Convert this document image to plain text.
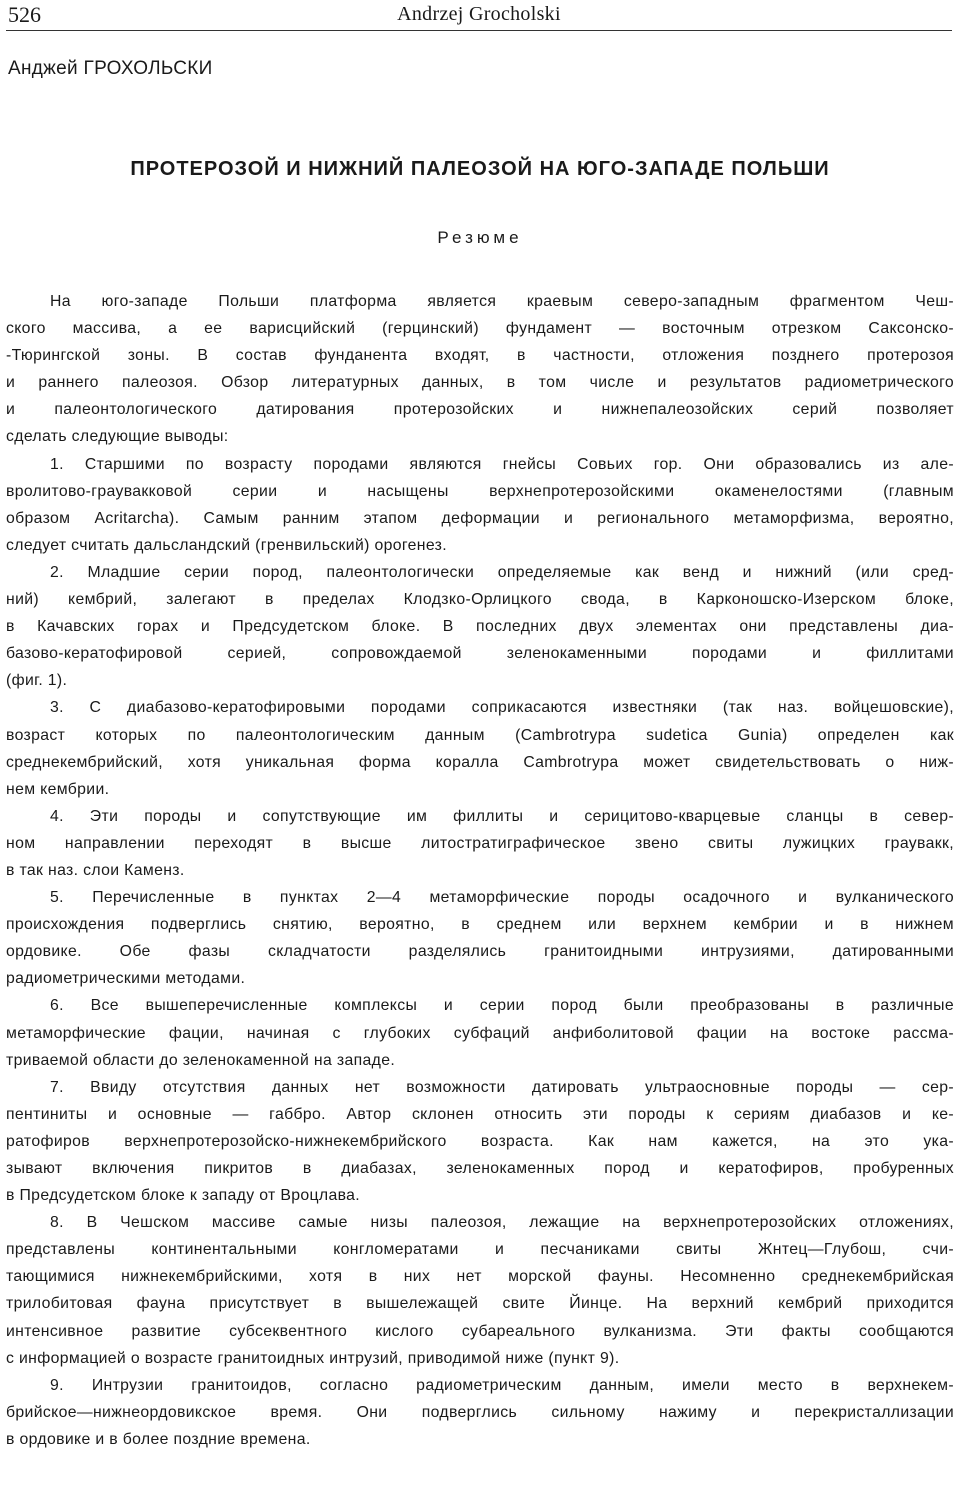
526	Andrzej Grocholski
Анджей ГРОХОЛЬСКИ
ПРОТЕРОЗОЙ И НИЖНИЙ ПАЛЕОЗОЙ НА ЮГО-ЗАПАДЕ ПОЛЬШИ
Резюме
На юго-западе Польши платформа является краевым северо-западным фрагментом Чеш-
ского массива, а ее варисцийский (герцинский) фундамент — восточным отрезком Саксонско-
-Тюрингской зоны. В состав фунданента входят, в частности, отложения позднего протерозоя
и раннего палеозоя. Обзор литературных данных, в том числе и результатов радиометрического
и палеонтологического датирования протерозойских и нижнепалеозойских серий позволяет
сделать следующие выводы:
1. Старшими по возрасту породами являются гнейсы Совьих гор. Они образовались из але-
вролитово-граувакковой серии и насыщены верхнепротерозойскими окаменелостями (главным
образом Acritarcha). Самым ранним этапом деформации и регионального метаморфизма, вероятно,
следует считать дальсландский (гренвильский) орогенез.
2. Младшие серии пород, палеонтологически определяемые как венд и нижний (или сред-
ний) кембрий, залегают в пределах Клодзко-Орлицкого свода, в Карконошско-Изерском блоке,
в Качавских горах и Предсудетском блоке. В последних двух элементах они представлены диа-
базово-кератофировой серией, сопровождаемой зеленокаменными породами и филлитами
(фиг. 1).
3. С диабазово-кератофировыми породами соприкасаются известняки (так наз. войцешовские),
возраст которых по палеонтологическим данным (Cambrotrypa sudetica Gunia) определен как
среднекембрийский, хотя уникальная форма коралла Cambrotrypa может свидетельствовать о ниж-
нем кембрии.
4. Эти породы и сопутствующие им филлиты и серицитово-кварцевые сланцы в север-
ном направлении переходят в высше литостратиграфическое звено свиты лужицких граувакк,
в так наз. слои Каменз.
5. Перечисленные в пунктах 2—4 метаморфические породы осадочного и вулканического
происхождения подверглись снятию, вероятно, в среднем или верхнем кембрии и в нижнем
ордовике. Обе фазы складчатости разделялись гранитоидными интрузиями, датированными
радиометрическими методами.
6. Все вышеперечисленные комплексы и серии пород были преобразованы в различные
метаморфические фации, начиная с глубоких субфаций анфиболитовой фации на востоке рассма-
триваемой области до зеленокаменной на западе.
7. Ввиду отсутствия данных нет возможности датировать ультраосновные породы — сер-
пентиниты и основные — габбро. Автор склонен относить эти породы к сериям диабазов и ке-
ратофиров верхнепротерозойско-нижнекембрийского возраста. Как нам кажется, на это ука-
зывают включения пикритов в диабазах, зеленокаменных пород и кератофиров, пробуренных
в Предсудетском блоке к западу от Вроцлава.
8. В Чешском массиве самые низы палеозоя, лежащие на верхнепротерозойских отложениях,
представлены континентальными конгломератами и песчаниками свиты Жнтец—Глубош, счи-
тающимися нижнекембрийскими, хотя в них нет морской фауны. Несомненно среднекембрийская
трилобитовая фауна присутствует в вышележащей свите Йинце. На верхний кембрий приходится
интенсивное развитие субсеквентного кислого субареального вулканизма. Эти факты сообщаются
с информацией о возрасте гранитоидных интрузий, приводимой ниже (пункт 9).
9. Интрузии гранитоидов, согласно радиометрическим данным, имели место в верхнекем-
брийское—нижнеордовикское время. Они подверглись сильному нажиму и перекристаллизации
в ордовике и в более поздние времена.
